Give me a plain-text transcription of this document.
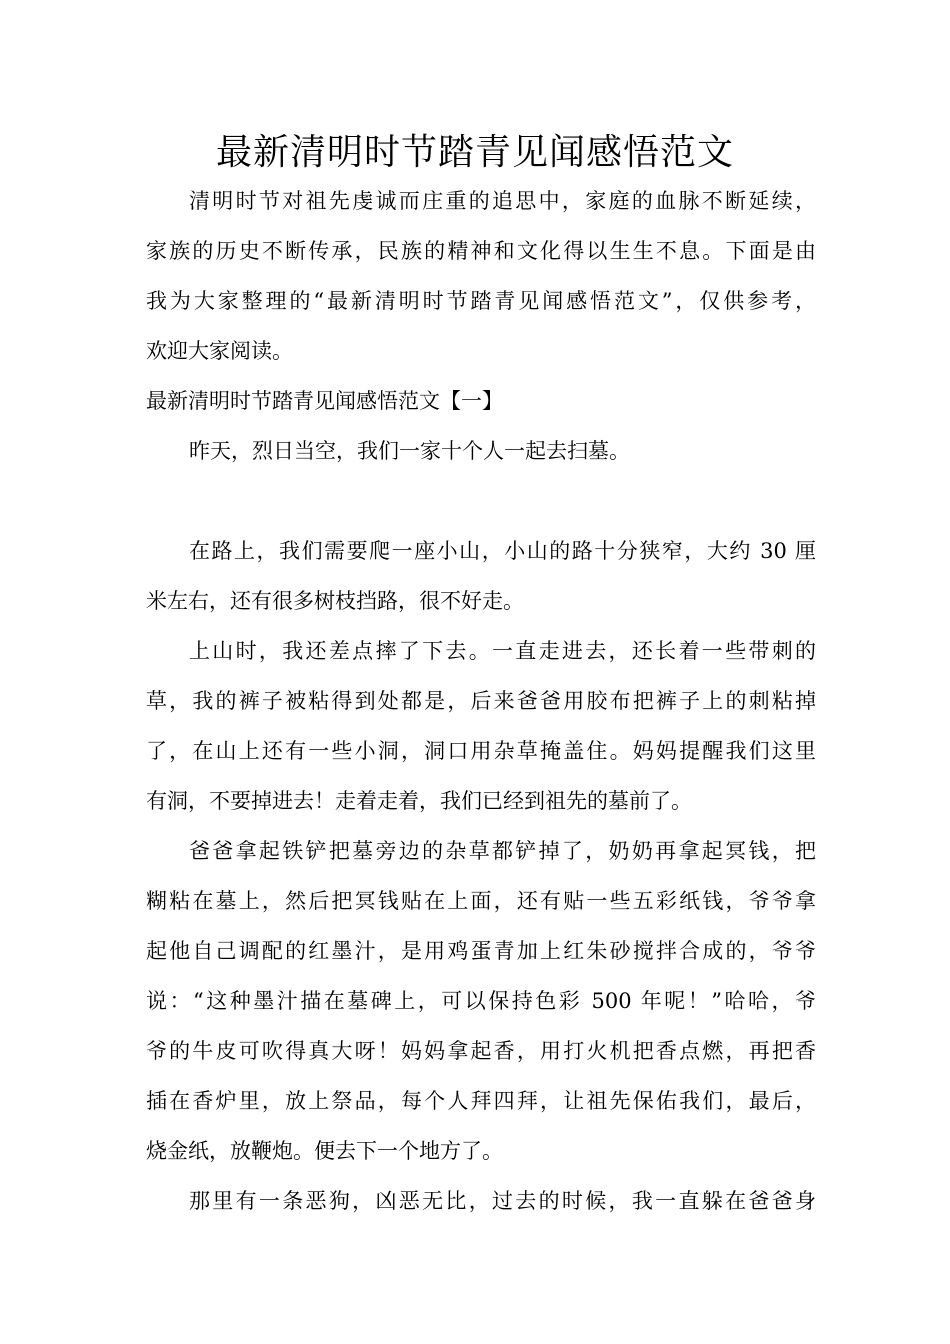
最新清明时节踏青见闻感悟范文
清明时节对祖先虔诚而庄重的追思中，家庭的血脉不断延续，
家族的历史不断传承，民族的精神和文化得以生生不息。下面是由
我为大家整理的“最新清明时节踏青见闻感悟范文”，仅供参考，
欢迎大家阅读。
最新清明时节踏青见闻感悟范文【一】
昨天，烈日当空，我们一家十个人一起去扫墓。
在路上，我们需要爬一座小山，小山的路十分狭窄，大约 30 厘
米左右，还有很多树枝挡路，很不好走。
上山时，我还差点摔了下去。一直走进去，还长着一些带刺的
草，我的裤子被粘得到处都是，后来爸爸用胶布把裤子上的刺粘掉
了，在山上还有一些小洞，洞口用杂草掩盖住。妈妈提醒我们这里
有洞，不要掉进去！走着走着，我们已经到祖先的墓前了。
爸爸拿起铁铲把墓旁边的杂草都铲掉了，奶奶再拿起冥钱，把
糊粘在墓上，然后把冥钱贴在上面，还有贴一些五彩纸钱，爷爷拿
起他自己调配的红墨汁，是用鸡蛋青加上红朱砂搅拌合成的，爷爷
说：“这种墨汁描在墓碑上，可以保持色彩 500 年呢！”哈哈，爷
爷的牛皮可吹得真大呀！妈妈拿起香，用打火机把香点燃，再把香
插在香炉里，放上祭品，每个人拜四拜，让祖先保佑我们，最后，
烧金纸，放鞭炮。便去下一个地方了。
那里有一条恶狗，凶恶无比，过去的时候，我一直躲在爸爸身
